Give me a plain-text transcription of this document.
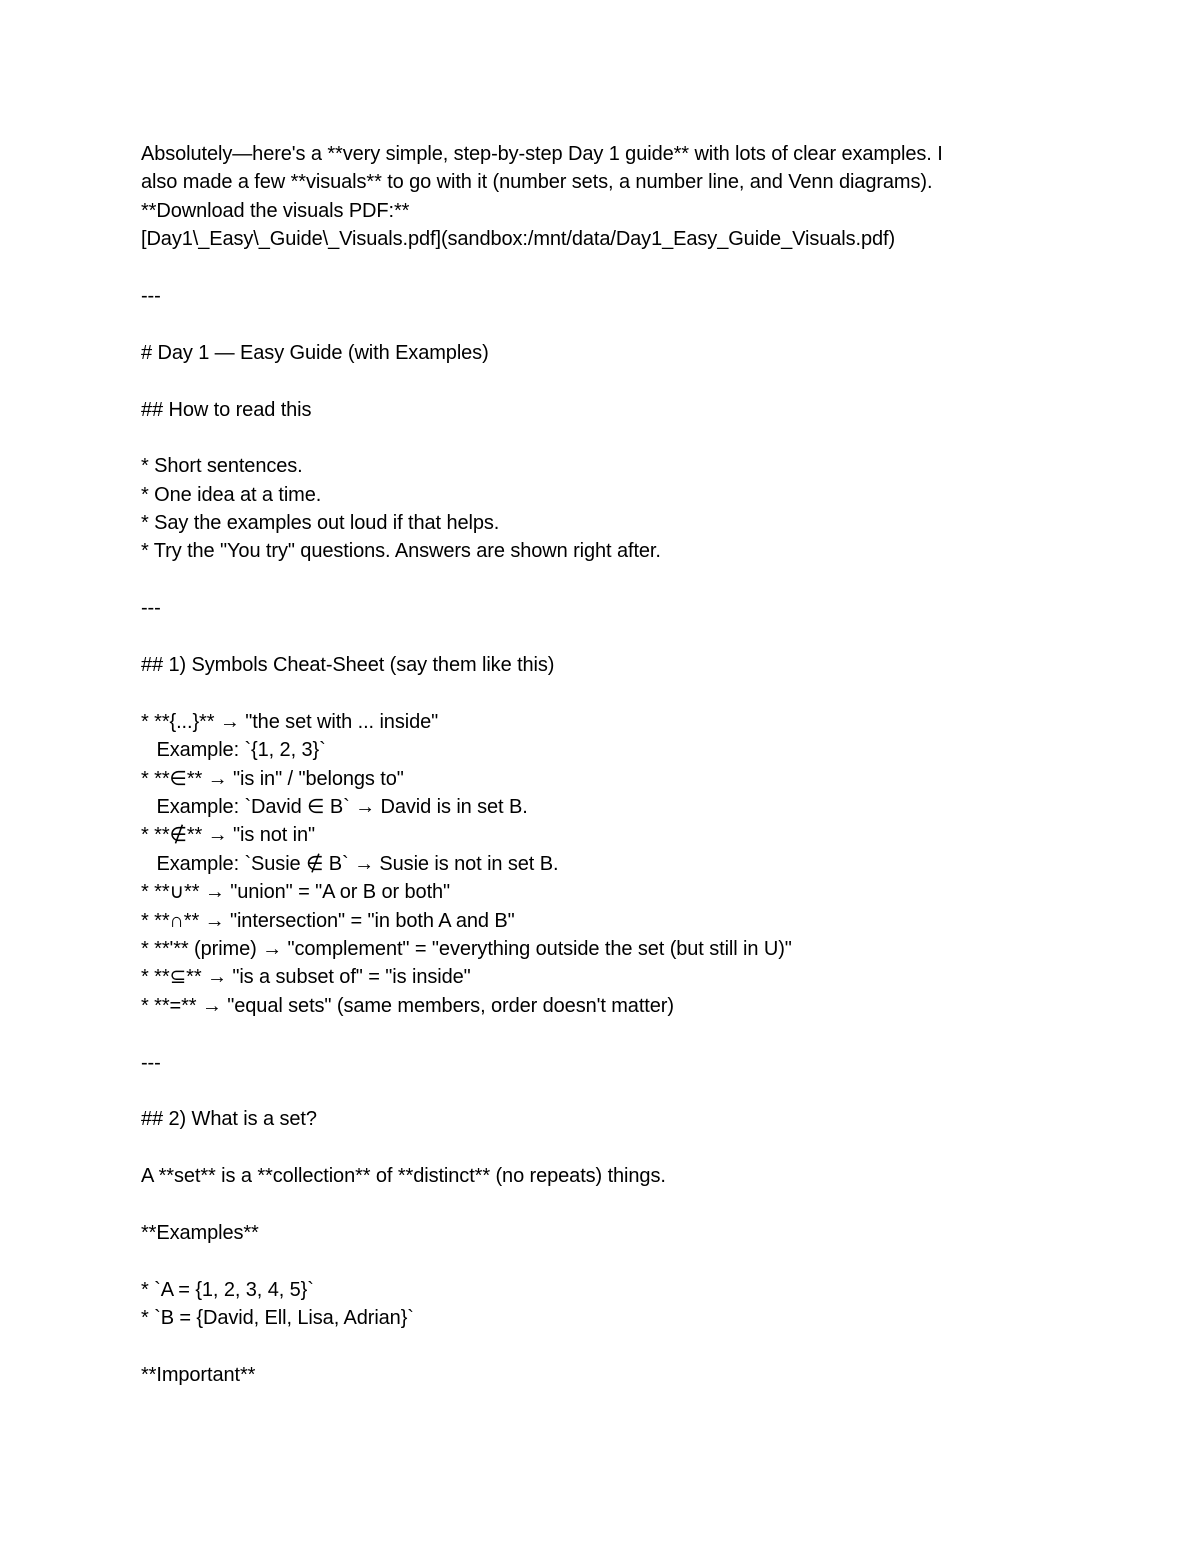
Absolutely—here's a **very simple, step-by-step Day 1 guide** with lots of clear examples. I
also made a few **visuals** to go with it (number sets, a number line, and Venn diagrams).
**Download the visuals PDF:**
[Day1\_Easy\_Guide\_Visuals.pdf](sandbox:/mnt/data/Day1_Easy_Guide_Visuals.pdf)
---
# Day 1 — Easy Guide (with Examples)
## How to read this
* Short sentences.
* One idea at a time.
* Say the examples out loud if that helps.
* Try the "You try" questions. Answers are shown right after.
---
## 1) Symbols Cheat-Sheet (say them like this)
* **{...}** → "the set with ... inside"
Example: `{1, 2, 3}`
* **∈** → "is in" / "belongs to"
Example: `David ∈ B` → David is in set B.
* **∉** → "is not in"
Example: `Susie ∉ B` → Susie is not in set B.
* **∪** → "union" = "A or B or both"
* **∩** → "intersection" = "in both A and B"
* **'** (prime) → "complement" = "everything outside the set (but still in U)"
* **⊆** → "is a subset of" = "is inside"
* **=** → "equal sets" (same members, order doesn't matter)
---
## 2) What is a set?
A **set** is a **collection** of **distinct** (no repeats) things.
**Examples**
* `A = {1, 2, 3, 4, 5}`
* `B = {David, Ell, Lisa, Adrian}`
**Important**
